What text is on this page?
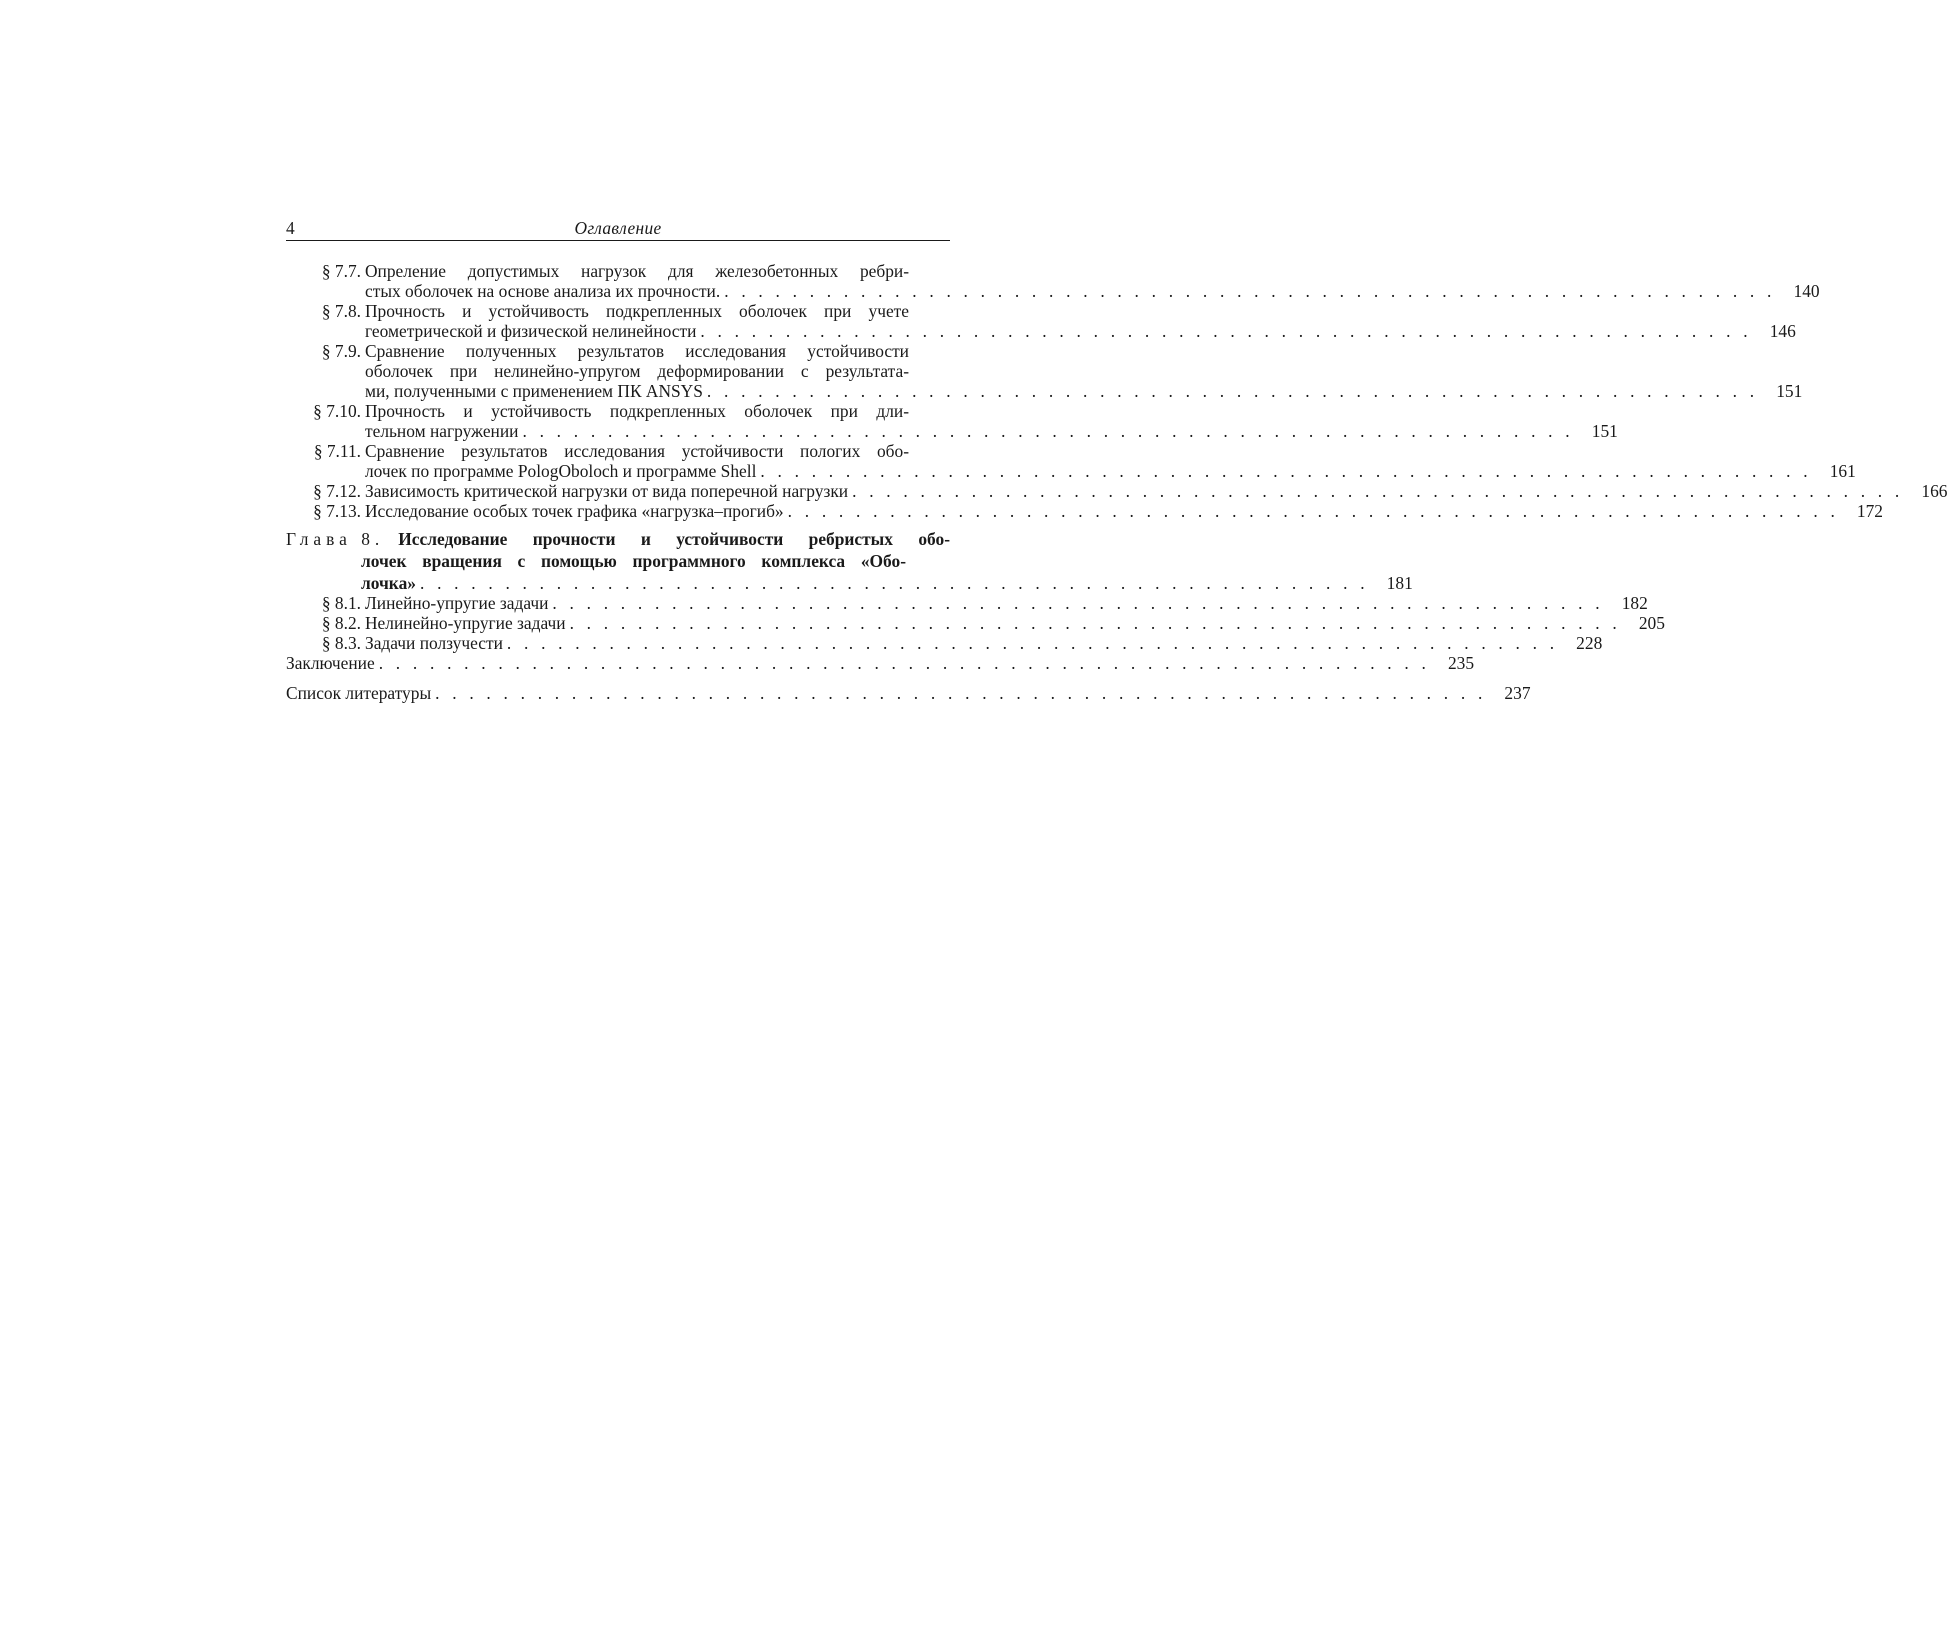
4	Оглавление
§ 7.7. Опреление допустимых нагрузок для железобетонных ребри-
стых оболочек на основе анализа их прочности. . . . . . . . . . . . . . . . . . . . . . . . . . . . . . . . . . . . . . . . . . . . . . . . . . . . . . . . . . . . . . .	140
§ 7.8. Прочность и устойчивость подкрепленных оболочек при учете
геометрической и физической нелинейности . . . . . . . . . . . . . . . . . . . . . . . . . . . . . . . . . . . . . . . . . . . . . . . . . . . . . . . . . . . . . .	146
§ 7.9. Сравнение полученных результатов исследования устойчивости
оболочек при нелинейно-упругом деформировании с результата-
ми, полученными с применением ПК ANSYS . . . . . . . . . . . . . . . . . . . . . . . . . . . . . . . . . . . . . . . . . . . . . . . . . . . . . . . . . . . . . .	151
§ 7.10. Прочность и устойчивость подкрепленных оболочек при дли-
тельном нагружении . . . . . . . . . . . . . . . . . . . . . . . . . . . . . . . . . . . . . . . . . . . . . . . . . . . . . . . . . . . . . .	151
§ 7.11. Сравнение результатов исследования устойчивости пологих обо-
лочек по программе PologOboloch и программе Shell . . . . . . . . . . . . . . . . . . . . . . . . . . . . . . . . . . . . . . . . . . . . . . . . . . . . . . . . . . . . . .	161
§ 7.12. Зависимость критической нагрузки от вида поперечной нагрузки . . . . . . . . . . . . . . . . . . . . . . . . . . . . . . . . . . . . . . . . . . . . . . . . . . . . . . . . . . . . . .	166
§ 7.13. Исследование особых точек графика «нагрузка–прогиб» . . . . . . . . . . . . . . . . . . . . . . . . . . . . . . . . . . . . . . . . . . . . . . . . . . . . . . . . . . . . . .	172
Глава 8. Исследование прочности и устойчивости ребристых обо-
лочек вращения с помощью программного комплекса «Обо-
лочка» . . . . . . . . . . . . . . . . . . . . . . . . . . . . . . . . . . . . . . . . . . . . . . . . . . . . . . . .	181
§ 8.1. Линейно-упругие задачи . . . . . . . . . . . . . . . . . . . . . . . . . . . . . . . . . . . . . . . . . . . . . . . . . . . . . . . . . . . . . .	182
§ 8.2. Нелинейно-упругие задачи . . . . . . . . . . . . . . . . . . . . . . . . . . . . . . . . . . . . . . . . . . . . . . . . . . . . . . . . . . . . . .	205
§ 8.3. Задачи ползучести . . . . . . . . . . . . . . . . . . . . . . . . . . . . . . . . . . . . . . . . . . . . . . . . . . . . . . . . . . . . . .	228
Заключение . . . . . . . . . . . . . . . . . . . . . . . . . . . . . . . . . . . . . . . . . . . . . . . . . . . . . . . . . . . . . .	235
Список литературы . . . . . . . . . . . . . . . . . . . . . . . . . . . . . . . . . . . . . . . . . . . . . . . . . . . . . . . . . . . . . .	237
